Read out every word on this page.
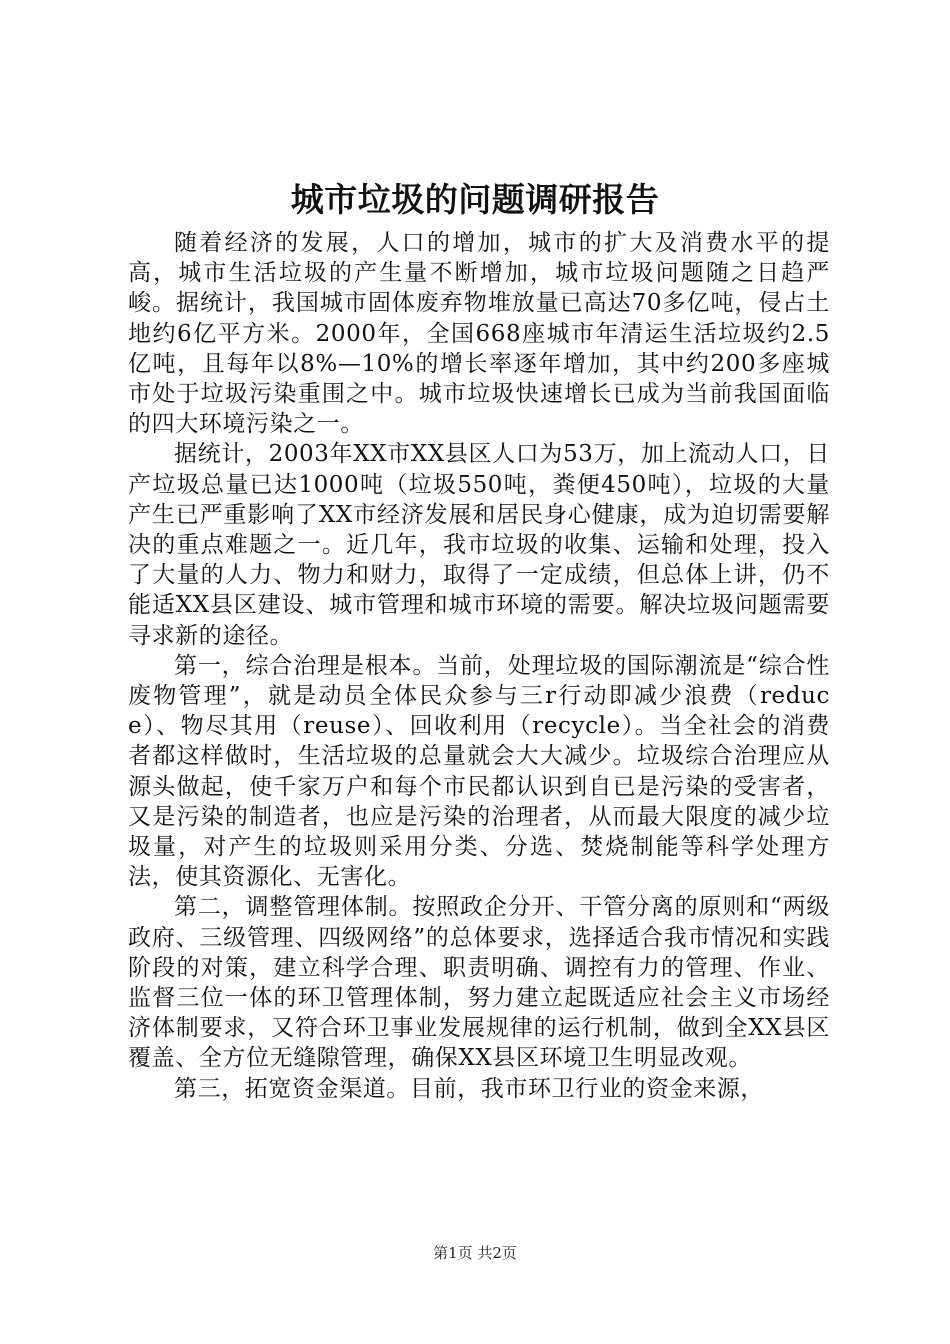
城市垃圾的问题调研报告

随着经济的发展，人口的增加，城市的扩大及消费水平的提高，城市生活垃圾的产生量不断增加，城市垃圾问题随之日趋严峻。据统计，我国城市固体废弃物堆放量已高达70多亿吨，侵占土地约6亿平方米。2000年，全国668座城市年清运生活垃圾约2.5亿吨，且每年以8%—10%的增长率逐年增加，其中约200多座城市处于垃圾污染重围之中。城市垃圾快速增长已成为当前我国面临的四大环境污染之一。

据统计，2003年XX市XX县区人口为53万，加上流动人口，日产垃圾总量已达1000吨（垃圾550吨，粪便450吨），垃圾的大量产生已严重影响了XX市经济发展和居民身心健康，成为迫切需要解决的重点难题之一。近几年，我市垃圾的收集、运输和处理，投入了大量的人力、物力和财力，取得了一定成绩，但总体上讲，仍不能适XX县区建设、城市管理和城市环境的需要。解决垃圾问题需要寻求新的途径。

第一，综合治理是根本。当前，处理垃圾的国际潮流是“综合性废物管理”，就是动员全体民众参与三r行动即减少浪费（reduce）、物尽其用（reuse）、回收利用（recycle）。当全社会的消费者都这样做时，生活垃圾的总量就会大大减少。垃圾综合治理应从源头做起，使千家万户和每个市民都认识到自已是污染的受害者，又是污染的制造者，也应是污染的治理者，从而最大限度的减少垃圾量，对产生的垃圾则采用分类、分选、焚烧制能等科学处理方法，使其资源化、无害化。

第二，调整管理体制。按照政企分开、干管分离的原则和“两级政府、三级管理、四级网络”的总体要求，选择适合我市情况和实践阶段的对策，建立科学合理、职责明确、调控有力的管理、作业、监督三位一体的环卫管理体制，努力建立起既适应社会主义市场经济体制要求，又符合环卫事业发展规律的运行机制，做到全XX县区覆盖、全方位无缝隙管理，确保XX县区环境卫生明显改观。

第三，拓宽资金渠道。目前，我市环卫行业的资金来源，

第1页 共2页
